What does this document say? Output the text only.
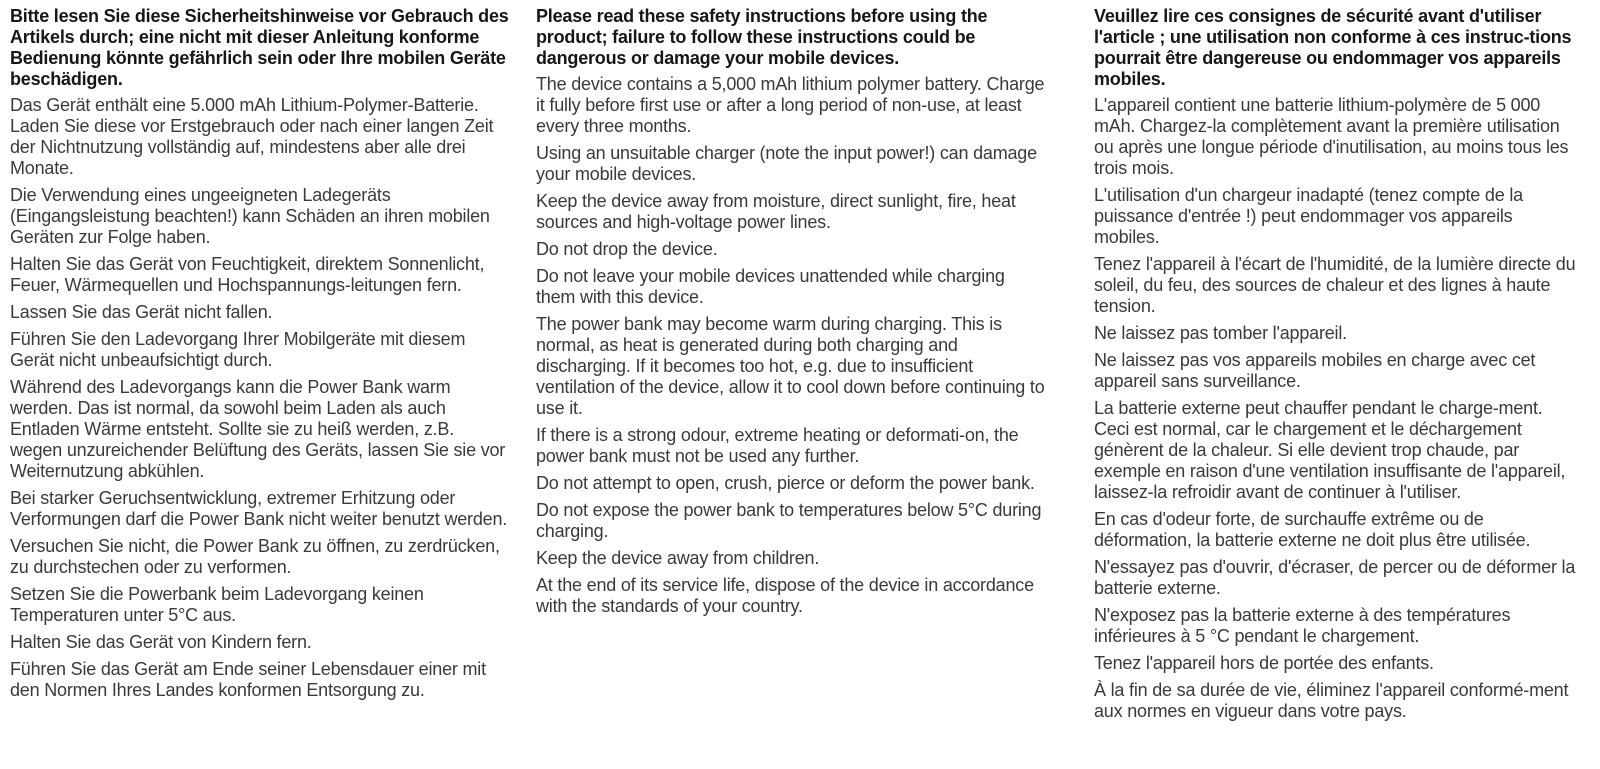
Bitte lesen Sie diese Sicherheitshinweise vor Gebrauch des Artikels durch; eine nicht mit dieser Anleitung konforme Bedienung könnte gefährlich sein oder Ihre mobilen Geräte beschädigen.

Das Gerät enthält eine 5.000 mAh Lithium-Polymer-Batterie. Laden Sie diese vor Erstgebrauch oder nach einer langen Zeit der Nichtnutzung vollständig auf, mindestens aber alle drei Monate.

Die Verwendung eines ungeeigneten Ladegeräts (Eingangsleistung beachten!) kann Schäden an ihren mobilen Geräten zur Folge haben.

Halten Sie das Gerät von Feuchtigkeit, direktem Sonnenlicht, Feuer, Wärmequellen und Hochspannungs-leitungen fern.

Lassen Sie das Gerät nicht fallen.

Führen Sie den Ladevorgang Ihrer Mobilgeräte mit diesem Gerät nicht unbeaufsichtigt durch.

Während des Ladevorgangs kann die Power Bank warm werden. Das ist normal, da sowohl beim Laden als auch Entladen Wärme entsteht. Sollte sie zu heiß werden, z.B. wegen unzureichender Belüftung des Geräts, lassen Sie sie vor Weiternutzung abkühlen.

Bei starker Geruchsentwicklung, extremer Erhitzung oder Verformungen darf die Power Bank nicht weiter benutzt werden.

Versuchen Sie nicht, die Power Bank zu öffnen, zu zerdrücken, zu durchstechen oder zu verformen.

Setzen Sie die Powerbank beim Ladevorgang keinen Temperaturen unter 5°C aus.

Halten Sie das Gerät von Kindern fern.

Führen Sie das Gerät am Ende seiner Lebensdauer einer mit den Normen Ihres Landes konformen Entsorgung zu.

Please read these safety instructions before using the product; failure to follow these instructions could be dangerous or damage your mobile devices.

The device contains a 5,000 mAh lithium polymer battery. Charge it fully before first use or after a long period of non-use, at least every three months.

Using an unsuitable charger (note the input power!) can damage your mobile devices.

Keep the device away from moisture, direct sunlight, fire, heat sources and high-voltage power lines.

Do not drop the device.

Do not leave your mobile devices unattended while charging them with this device.

The power bank may become warm during charging. This is normal, as heat is generated during both charging and discharging. If it becomes too hot, e.g. due to insufficient ventilation of the device, allow it to cool down before continuing to use it.

If there is a strong odour, extreme heating or deformati-on, the power bank must not be used any further.

Do not attempt to open, crush, pierce or deform the power bank.

Do not expose the power bank to temperatures below 5°C during charging.

Keep the device away from children.

At the end of its service life, dispose of the device in accordance with the standards of your country.

Veuillez lire ces consignes de sécurité avant d'utiliser l'article ; une utilisation non conforme à ces instruc-tions pourrait être dangereuse ou endommager vos appareils mobiles.

L'appareil contient une batterie lithium-polymère de 5 000 mAh. Chargez-la complètement avant la première utilisation ou après une longue période d'inutilisation, au moins tous les trois mois.

L'utilisation d'un chargeur inadapté (tenez compte de la puissance d'entrée !) peut endommager vos appareils mobiles.

Tenez l'appareil à l'écart de l'humidité, de la lumière directe du soleil, du feu, des sources de chaleur et des lignes à haute tension.

Ne laissez pas tomber l'appareil.

Ne laissez pas vos appareils mobiles en charge avec cet appareil sans surveillance.

La batterie externe peut chauffer pendant le charge-ment. Ceci est normal, car le chargement et le déchargement génèrent de la chaleur. Si elle devient trop chaude, par exemple en raison d'une ventilation insuffisante de l'appareil, laissez-la refroidir avant de continuer à l'utiliser.

En cas d'odeur forte, de surchauffe extrême ou de déformation, la batterie externe ne doit plus être utilisée.

N'essayez pas d'ouvrir, d'écraser, de percer ou de déformer la batterie externe.

N'exposez pas la batterie externe à des températures inférieures à 5 °C pendant le chargement.

Tenez l'appareil hors de portée des enfants.

À la fin de sa durée de vie, éliminez l'appareil conformé-ment aux normes en vigueur dans votre pays.
